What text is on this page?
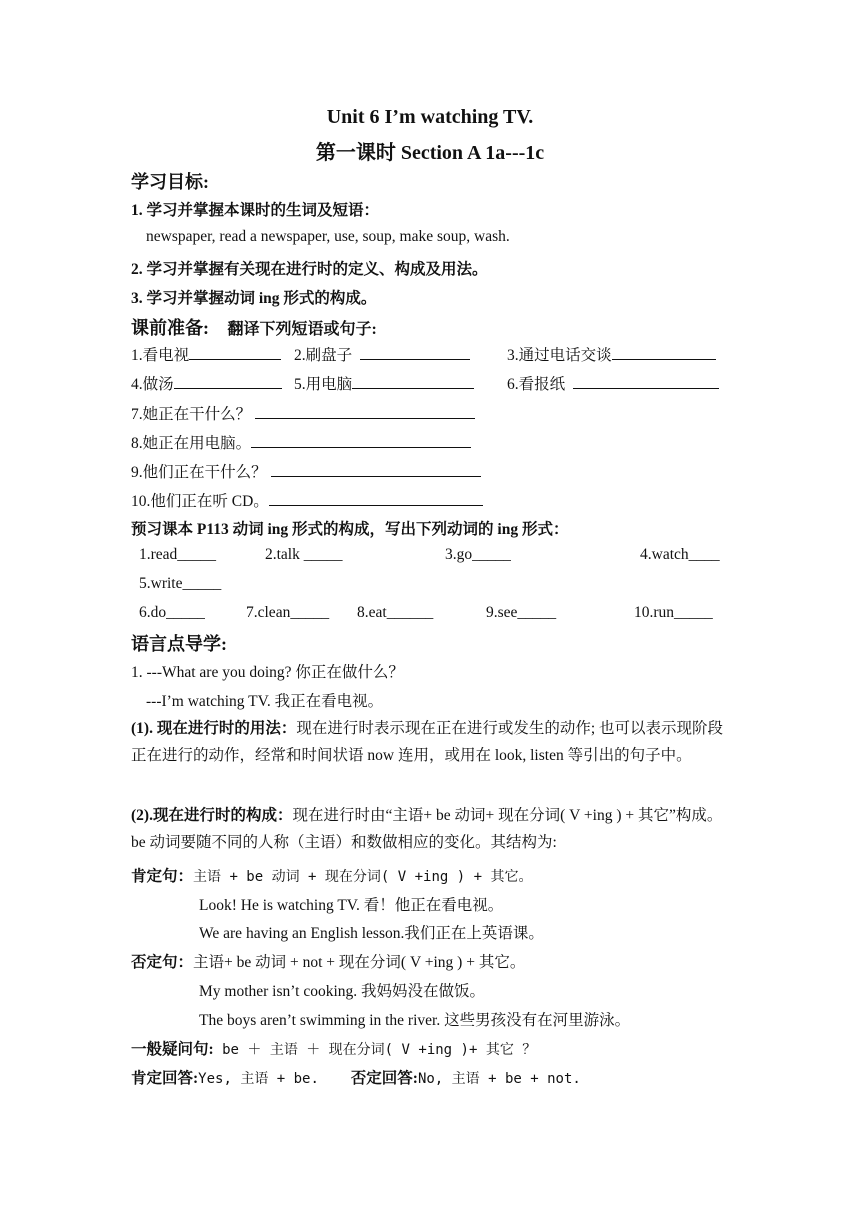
Unit 6 I’m watching TV.
第一课时 Section A 1a---1c
学习目标:
1. 学习并掌握本课时的生词及短语：
newspaper, read a newspaper, use, soup, make soup, wash.
2. 学习并掌握有关现在进行时的定义、构成及用法。
3. 学习并掌握动词 ing 形式的构成。
课前准备: 翻译下列短语或句子:
1.看电视	2.刷盘子	3.通过电话交谈
4.做汤	5.用电脑	6.看报纸
7.她正在干什么？
8.她正在用电脑。
9.他们正在干什么？
10.他们正在听 CD。
预习课本 P113 动词 ing 形式的构成，写出下列动词的 ing 形式：
1.read_____	2.talk _____	3.go_____	4.watch____
5.write_____
6.do_____	7.clean_____ 8.eat______	9.see_____	10.run_____
语言点导学:
1. ---What are you doing? 你正在做什么？
---I’m watching TV. 我正在看电视。
(1). 现在进行时的用法：现在进行时表示现在正在进行或发生的动作; 也可以表示现阶段正在进行的动作，经常和时间状语 now 连用，或用在 look, listen 等引出的句子中。
(2).现在进行时的构成：现在进行时由“主语+ be 动词+ 现在分词( V +ing ) + 其它”构成。be 动词要随不同的人称（主语）和数做相应的变化。其结构为:
肯定句：主语 + be 动词 + 现在分词( V +ing ) + 其它。
Look! He is watching TV. 看！他正在看电视。
We are having an English lesson.我们正在上英语课。
否定句：主语+ be 动词 + not + 现在分词( V +ing ) + 其它。
My mother isn’t cooking. 我妈妈没在做饭。
The boys aren’t swimming in the river. 这些男孩没有在河里游泳。
一般疑问句: be ＋ 主语 ＋ 现在分词( V +ing )+ 其它 ？
肯定回答:Yes, 主语 + be. 否定回答:No, 主语 + be + not.
